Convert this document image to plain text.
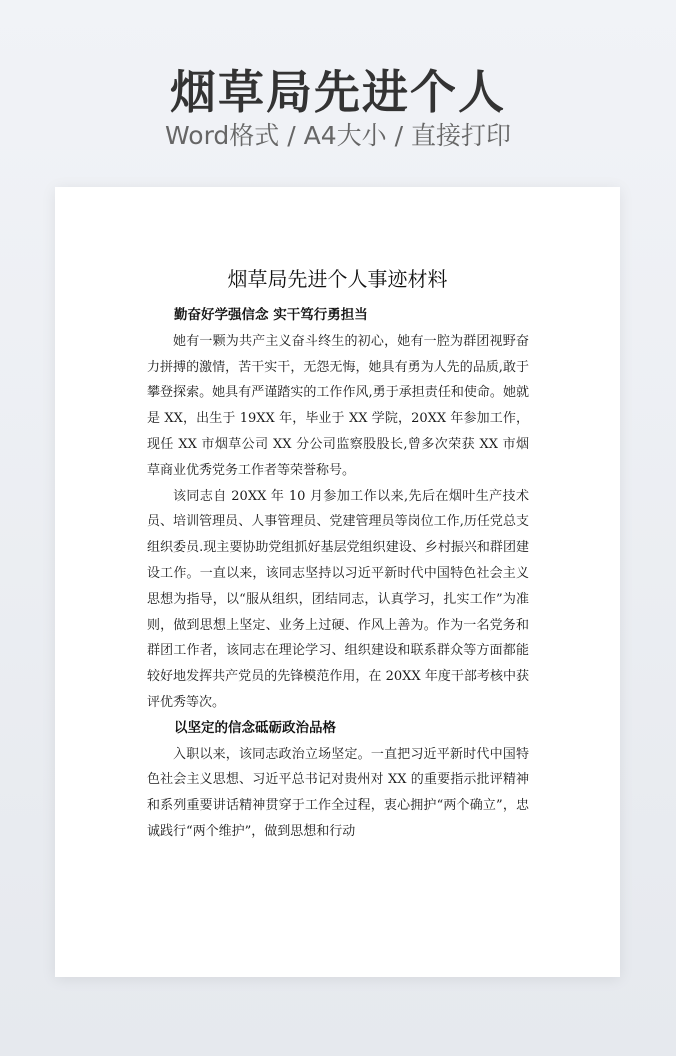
烟草局先进个人
Word格式 / A4大小 / 直接打印
烟草局先进个人事迹材料
勤奋好学强信念 实干笃行勇担当

她有一颗为共产主义奋斗终生的初心，她有一腔为群团视野奋力拼搏的激情，苦干实干，无怨无悔，她具有勇为人先的品质,敢于攀登探索。她具有严谨踏实的工作作风,勇于承担责任和使命。她就是 XX，出生于 19XX 年，毕业于 XX 学院，20XX 年参加工作，现任 XX 市烟草公司 XX 分公司监察股股长,曾多次荣获 XX 市烟草商业优秀党务工作者等荣誉称号。

该同志自 20XX 年 10 月参加工作以来,先后在烟叶生产技术员、培训管理员、人事管理员、党建管理员等岗位工作,历任党总支组织委员.现主要协助党组抓好基层党组织建设、乡村振兴和群团建设工作。一直以来，该同志坚持以习近平新时代中国特色社会主义思想为指导，以“服从组织，团结同志，认真学习，扎实工作”为准则，做到思想上坚定、业务上过硬、作风上善为。作为一名党务和群团工作者，该同志在理论学习、组织建设和联系群众等方面都能较好地发挥共产党员的先锋模范作用，在 20XX 年度干部考核中获评优秀等次。

以坚定的信念砥砺政治品格

入职以来，该同志政治立场坚定。一直把习近平新时代中国特色社会主义思想、习近平总书记对贵州对 XX 的重要指示批评精神和系列重要讲话精神贯穿于工作全过程，衷心拥护“两个确立”，忠诚践行“两个维护”，做到思想和行动
